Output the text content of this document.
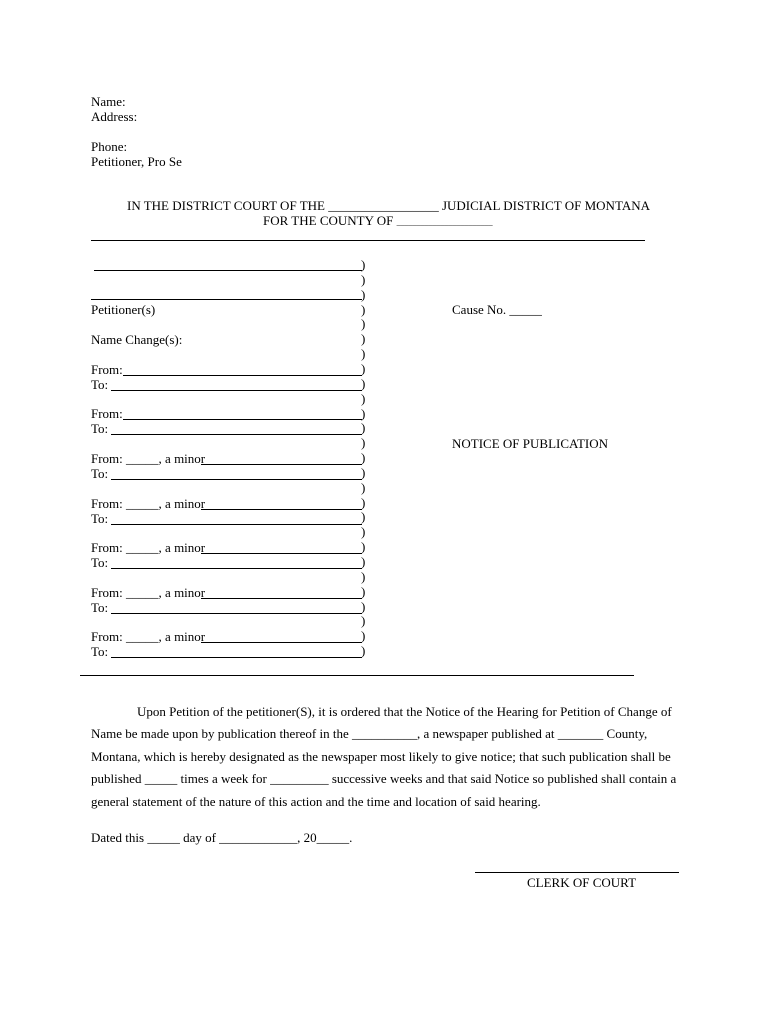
Name:
Address:
Phone:
Petitioner, Pro Se
IN THE DISTRICT COURT OF THE _________________ JUDICIAL DISTRICT OF MONTANA
FOR THE COUNTY OF ________________________
Petitioner(s)
Name Change(s):
From:
To:
From:
To:
From: _____, a minor
To:
From: _____, a minor
To:
From: _____, a minor
To:
From: _____, a minor
To:
From: _____, a minor
To:
)
)
)
)
)
)
)
)
)
)
)
)
)
)
)
)
)
)
)
)
)
)
)
)
)
)
)
Cause No. _____
NOTICE OF PUBLICATION
Upon Petition of the petitioner(S), it is ordered that the Notice of the Hearing for Petition of Change of
Name be made upon by publication thereof in the __________, a newspaper published at _______ County,
Montana, which is hereby designated as the newspaper most likely to give notice; that such publication shall be
published _____ times a week for _________ successive weeks and that said Notice so published shall contain a
general statement of the nature of this action and the time and location of said hearing.
Dated this _____ day of ____________, 20_____.
CLERK OF COURT
